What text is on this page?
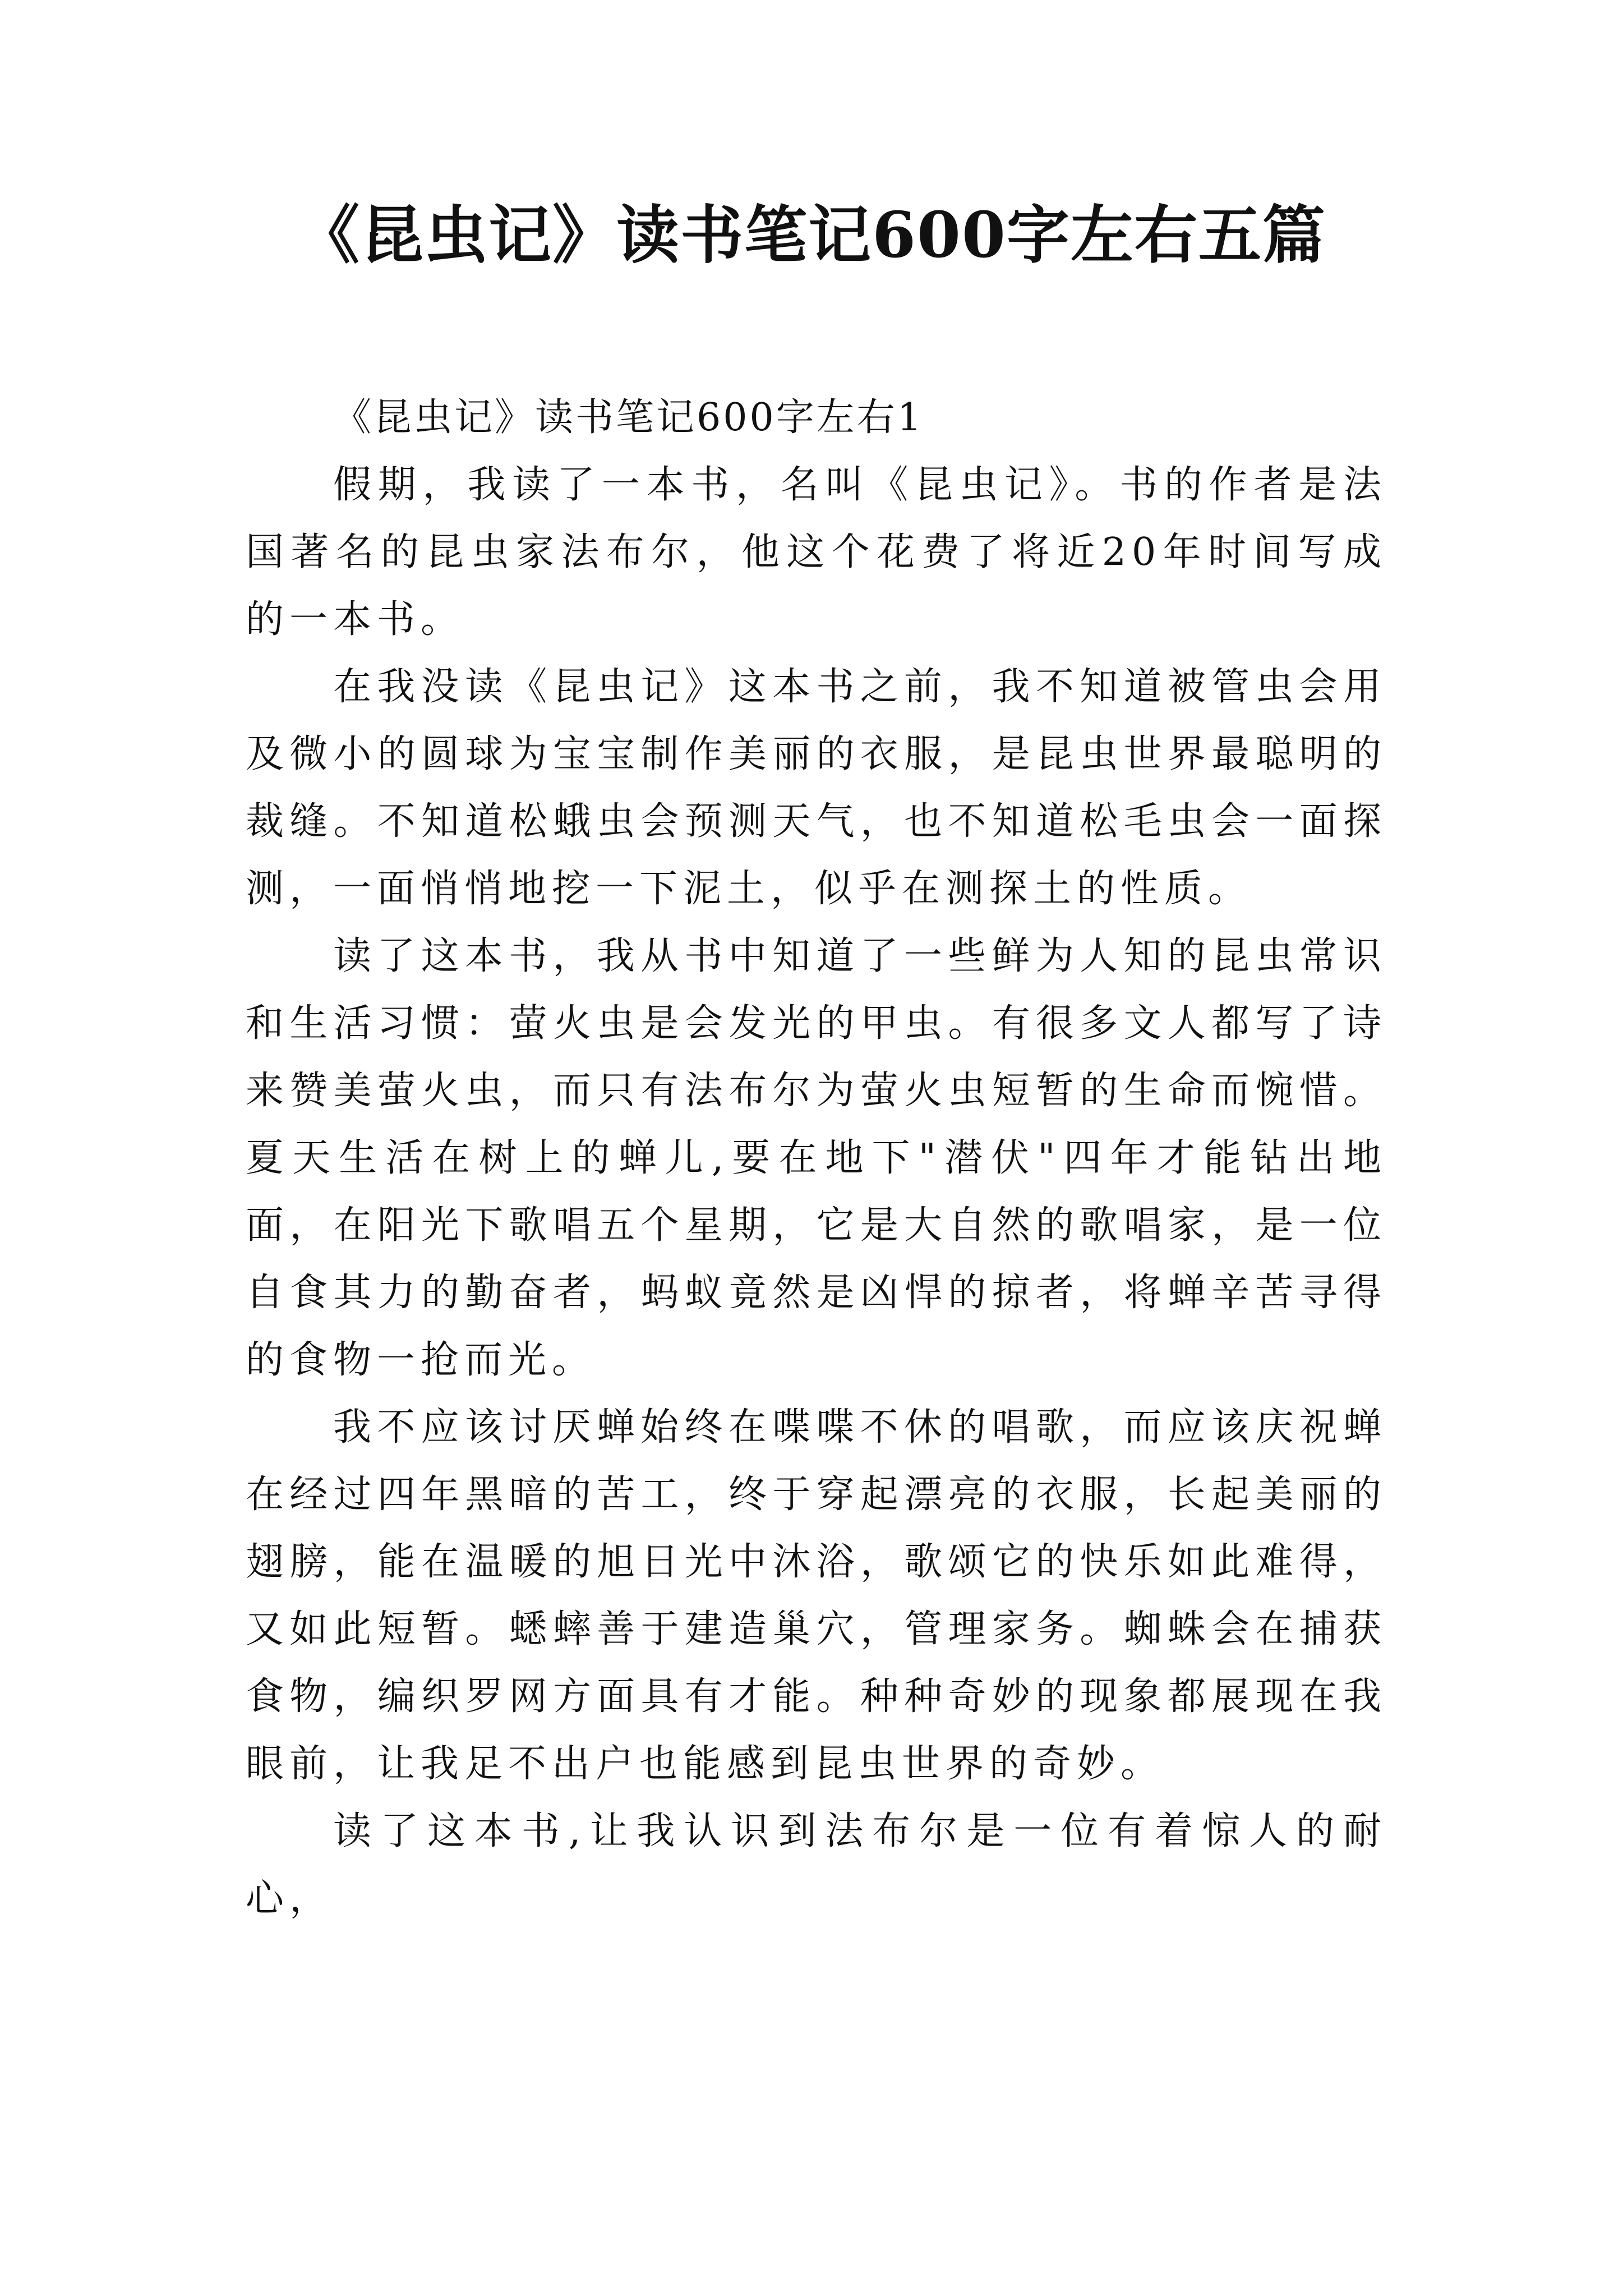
《昆虫记》读书笔记600字左右五篇

《昆虫记》读书笔记600字左右1

假期，我读了一本书，名叫《昆虫记》。书的作者是法国著名的昆虫家法布尔，他这个花费了将近20年时间写成的一本书。

在我没读《昆虫记》这本书之前，我不知道被管虫会用及微小的圆球为宝宝制作美丽的衣服，是昆虫世界最聪明的裁缝。不知道松蛾虫会预测天气，也不知道松毛虫会一面探测，一面悄悄地挖一下泥土，似乎在测探土的性质。

读了这本书，我从书中知道了一些鲜为人知的昆虫常识和生活习惯：萤火虫是会发光的甲虫。有很多文人都写了诗来赞美萤火虫，而只有法布尔为萤火虫短暂的生命而惋惜。夏天生活在树上的蝉儿,要在地下"潜伏"四年才能钻出地面，在阳光下歌唱五个星期，它是大自然的歌唱家，是一位自食其力的勤奋者，蚂蚁竟然是凶悍的掠者，将蝉辛苦寻得的食物一抢而光。

我不应该讨厌蝉始终在喋喋不休的唱歌，而应该庆祝蝉在经过四年黑暗的苦工，终于穿起漂亮的衣服，长起美丽的翅膀，能在温暖的旭日光中沐浴，歌颂它的快乐如此难得，又如此短暂。蟋蟀善于建造巢穴，管理家务。蜘蛛会在捕获食物，编织罗网方面具有才能。种种奇妙的现象都展现在我眼前，让我足不出户也能感到昆虫世界的奇妙。

读了这本书,让我认识到法布尔是一位有着惊人的耐心，
